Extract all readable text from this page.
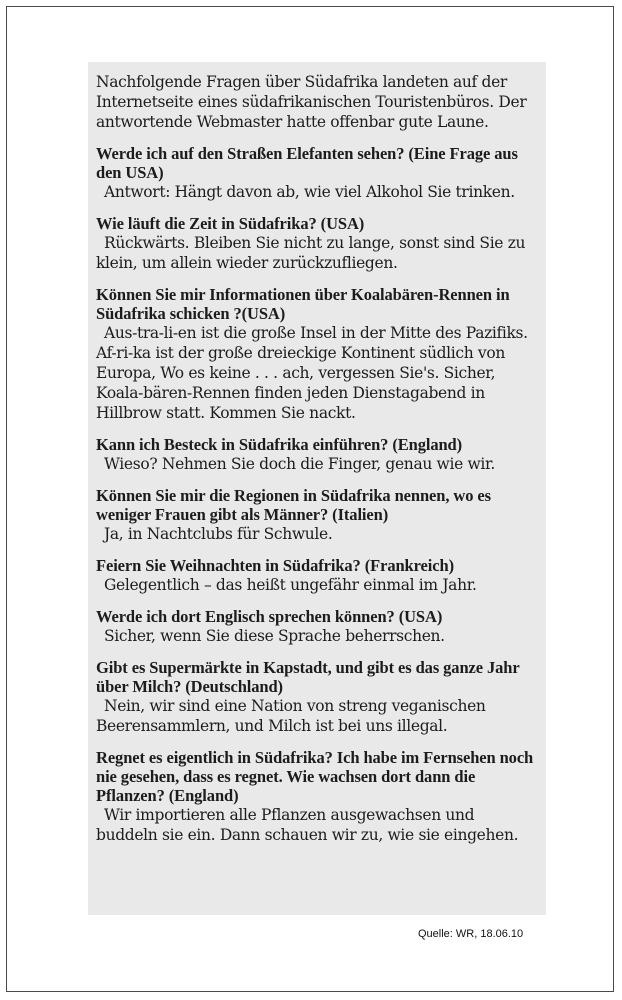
Nachfolgende Fragen über Südafrika landeten auf der Internetseite eines südafrikanischen Touristenbüros. Der antwortende Webmaster hatte offenbar gute Laune.

Werde ich auf den Straßen Elefanten sehen? (Eine Frage aus den USA)

Antwort: Hängt davon ab, wie viel Alkohol Sie trinken.

Wie läuft die Zeit in Südafrika? (USA)

Rückwärts. Bleiben Sie nicht zu lange, sonst sind Sie zu klein, um allein wieder zurückzufliegen.

Können Sie mir Informationen über Koalabären-Rennen in Südafrika schicken ?(USA)

Aus-tra-li-en ist die große Insel in der Mitte des Pazifiks. Af-ri-ka ist der große dreieckige Kontinent südlich von Europa, Wo es keine . . . ach, vergessen Sie's. Sicher, Koala-bären-Rennen finden jeden Dienstagabend in Hillbrow statt. Kommen Sie nackt.

Kann ich Besteck in Südafrika einführen? (England)

Wieso? Nehmen Sie doch die Finger, genau wie wir.

Können Sie mir die Regionen in Südafrika nennen, wo es weniger Frauen gibt als Männer? (Italien)

Ja, in Nachtclubs für Schwule.

Feiern Sie Weihnachten in Südafrika? (Frankreich)

Gelegentlich – das heißt ungefähr einmal im Jahr.

Werde ich dort Englisch sprechen können? (USA)

Sicher, wenn Sie diese Sprache beherrschen.

Gibt es Supermärkte in Kapstadt, und gibt es das ganze Jahr über Milch? (Deutschland)

Nein, wir sind eine Nation von streng veganischen Beerensammlern, und Milch ist bei uns illegal.

Regnet es eigentlich in Südafrika? Ich habe im Fernsehen noch nie gesehen, dass es regnet. Wie wachsen dort dann die Pflanzen? (England)

Wir importieren alle Pflanzen ausgewachsen und buddeln sie ein. Dann schauen wir zu, wie sie eingehen.

Quelle: WR, 18.06.10
